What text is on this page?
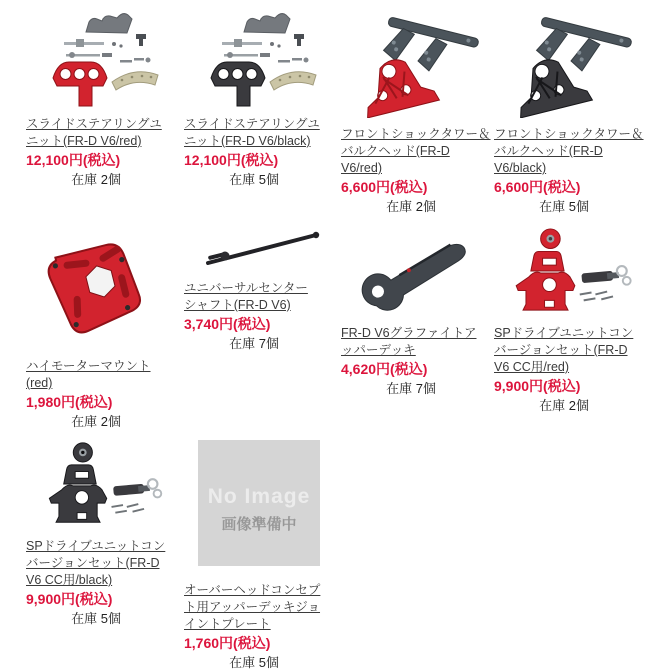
スライドステアリングユ
ニット(FR-D V6/red)
12,100円(税込)
在庫 2個
スライドステアリングユ
ニット(FR-D V6/black)
12,100円(税込)
在庫 5個
フロントショックタワー＆
バルクヘッド(FR-D
V6/red)
6,600円(税込)
在庫 2個
フロントショックタワー＆
バルクヘッド(FR-D
V6/black)
6,600円(税込)
在庫 5個
ハイモーターマウント
(red)
1,980円(税込)
在庫 2個
ユニバーサルセンター
シャフト(FR-D V6)
3,740円(税込)
在庫 7個
FR-D V6グラファイトア
ッパーデッキ
4,620円(税込)
在庫 7個
SPドライブユニットコン
バージョンセット(FR-D
V6 CC用/red)
9,900円(税込)
在庫 2個
SPドライブユニットコン
バージョンセット(FR-D
V6 CC用/black)
9,900円(税込)
在庫 5個
No Image
画像準備中
オーバーヘッドコンセプ
ト用アッパーデッキジョ
イントプレート
1,760円(税込)
在庫 5個
